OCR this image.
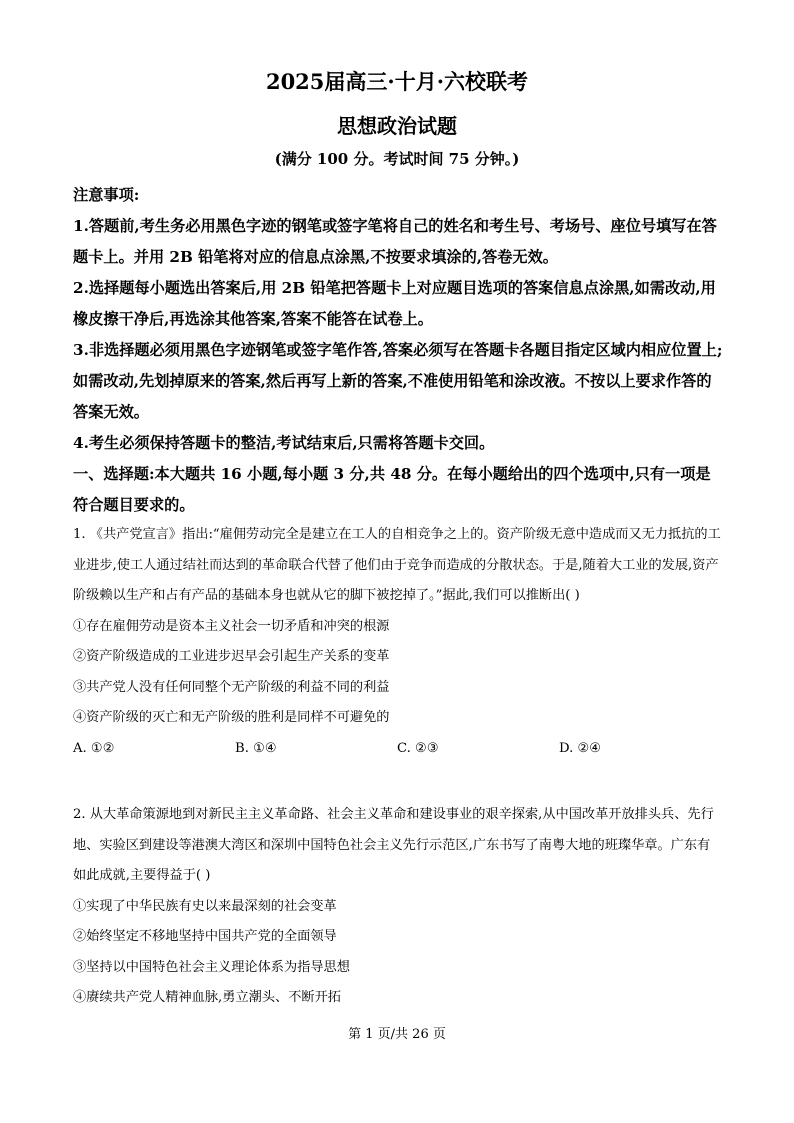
2025届高三·十月·六校联考
思想政治试题
(满分 100 分。考试时间 75 分钟。)

注意事项:

1.答题前,考生务必用黑色字迹的钢笔或签字笔将自己的姓名和考生号、考场号、座位号填写在答题卡上。并用 2B 铅笔将对应的信息点涂黑,不按要求填涂的,答卷无效。

2.选择题每小题选出答案后,用 2B 铅笔把答题卡上对应题目选项的答案信息点涂黑,如需改动,用橡皮擦干净后,再选涂其他答案,答案不能答在试卷上。

3.非选择题必须用黑色字迹钢笔或签字笔作答,答案必须写在答题卡各题目指定区域内相应位置上;如需改动,先划掉原来的答案,然后再写上新的答案,不准使用铅笔和涂改液。不按以上要求作答的答案无效。

4.考生必须保持答题卡的整洁,考试结束后,只需将答题卡交回。

一、选择题:本大题共 16 小题,每小题 3 分,共 48 分。在每小题给出的四个选项中,只有一项是符合题目要求的。

1. 《共产党宣言》指出:“雇佣劳动完全是建立在工人的自相竞争之上的。资产阶级无意中造成而又无力抵抗的工业进步,使工人通过结社而达到的革命联合代替了他们由于竞争而造成的分散状态。于是,随着大工业的发展,资产阶级赖以生产和占有产品的基础本身也就从它的脚下被挖掉了。”据此,我们可以推断出( )

①存在雇佣劳动是资本主义社会一切矛盾和冲突的根源

②资产阶级造成的工业进步迟早会引起生产关系的变革

③共产党人没有任何同整个无产阶级的利益不同的利益

④资产阶级的灭亡和无产阶级的胜利是同样不可避免的

A. ①②	B. ①④	C. ②③	D. ②④

2. 从大革命策源地到对新民主主义革命路、社会主义革命和建设事业的艰辛探索,从中国改革开放排头兵、先行地、实验区到建设等港澳大湾区和深圳中国特色社会主义先行示范区,广东书写了南粤大地的班璨华章。广东有如此成就,主要得益于( )

①实现了中华民族有史以来最深刻的社会变革

②始终坚定不移地坚持中国共产党的全面领导

③坚持以中国特色社会主义理论体系为指导思想

④赓续共产党人精神血脉,勇立潮头、不断开拓

第 1 页/共 26 页
